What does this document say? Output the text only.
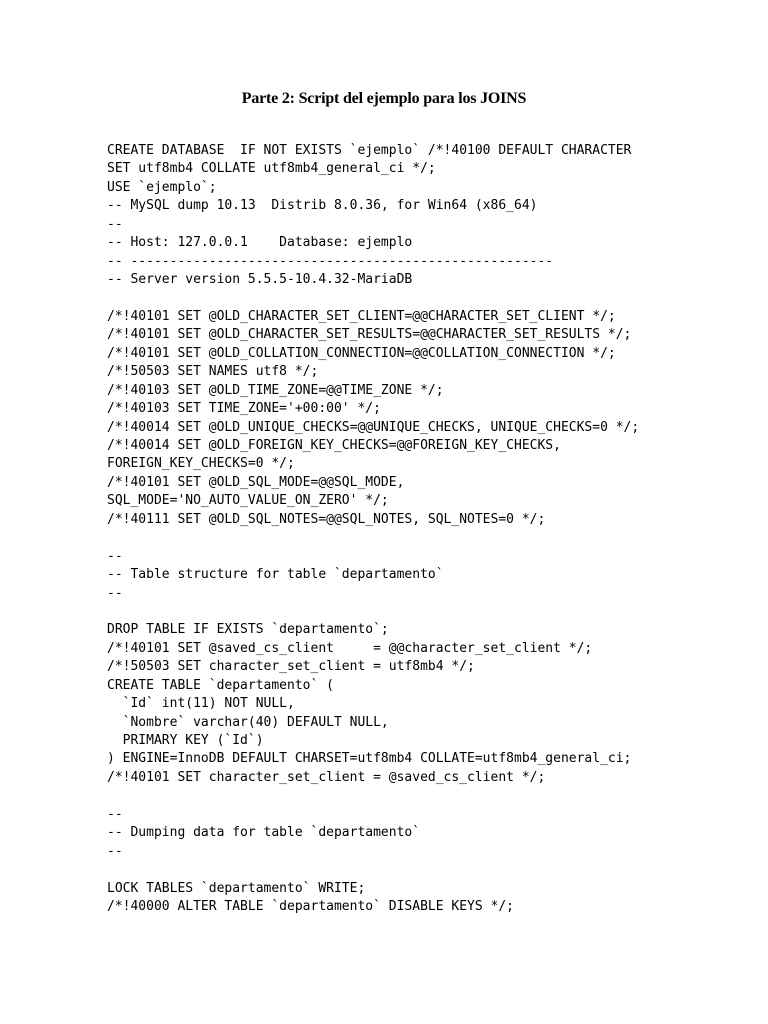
Parte 2: Script del ejemplo para los JOINS
CREATE DATABASE  IF NOT EXISTS `ejemplo` /*!40100 DEFAULT CHARACTER
SET utf8mb4 COLLATE utf8mb4_general_ci */;
USE `ejemplo`;
-- MySQL dump 10.13  Distrib 8.0.36, for Win64 (x86_64)
--
-- Host: 127.0.0.1    Database: ejemplo
-- ------------------------------------------------------
-- Server version 5.5.5-10.4.32-MariaDB
/*!40101 SET @OLD_CHARACTER_SET_CLIENT=@@CHARACTER_SET_CLIENT */;
/*!40101 SET @OLD_CHARACTER_SET_RESULTS=@@CHARACTER_SET_RESULTS */;
/*!40101 SET @OLD_COLLATION_CONNECTION=@@COLLATION_CONNECTION */;
/*!50503 SET NAMES utf8 */;
/*!40103 SET @OLD_TIME_ZONE=@@TIME_ZONE */;
/*!40103 SET TIME_ZONE='+00:00' */;
/*!40014 SET @OLD_UNIQUE_CHECKS=@@UNIQUE_CHECKS, UNIQUE_CHECKS=0 */;
/*!40014 SET @OLD_FOREIGN_KEY_CHECKS=@@FOREIGN_KEY_CHECKS,
FOREIGN_KEY_CHECKS=0 */;
/*!40101 SET @OLD_SQL_MODE=@@SQL_MODE,
SQL_MODE='NO_AUTO_VALUE_ON_ZERO' */;
/*!40111 SET @OLD_SQL_NOTES=@@SQL_NOTES, SQL_NOTES=0 */;
--
-- Table structure for table `departamento`
--
DROP TABLE IF EXISTS `departamento`;
/*!40101 SET @saved_cs_client     = @@character_set_client */;
/*!50503 SET character_set_client = utf8mb4 */;
CREATE TABLE `departamento` (
`Id` int(11) NOT NULL,
`Nombre` varchar(40) DEFAULT NULL,
PRIMARY KEY (`Id`)
) ENGINE=InnoDB DEFAULT CHARSET=utf8mb4 COLLATE=utf8mb4_general_ci;
/*!40101 SET character_set_client = @saved_cs_client */;
--
-- Dumping data for table `departamento`
--
LOCK TABLES `departamento` WRITE;
/*!40000 ALTER TABLE `departamento` DISABLE KEYS */;
